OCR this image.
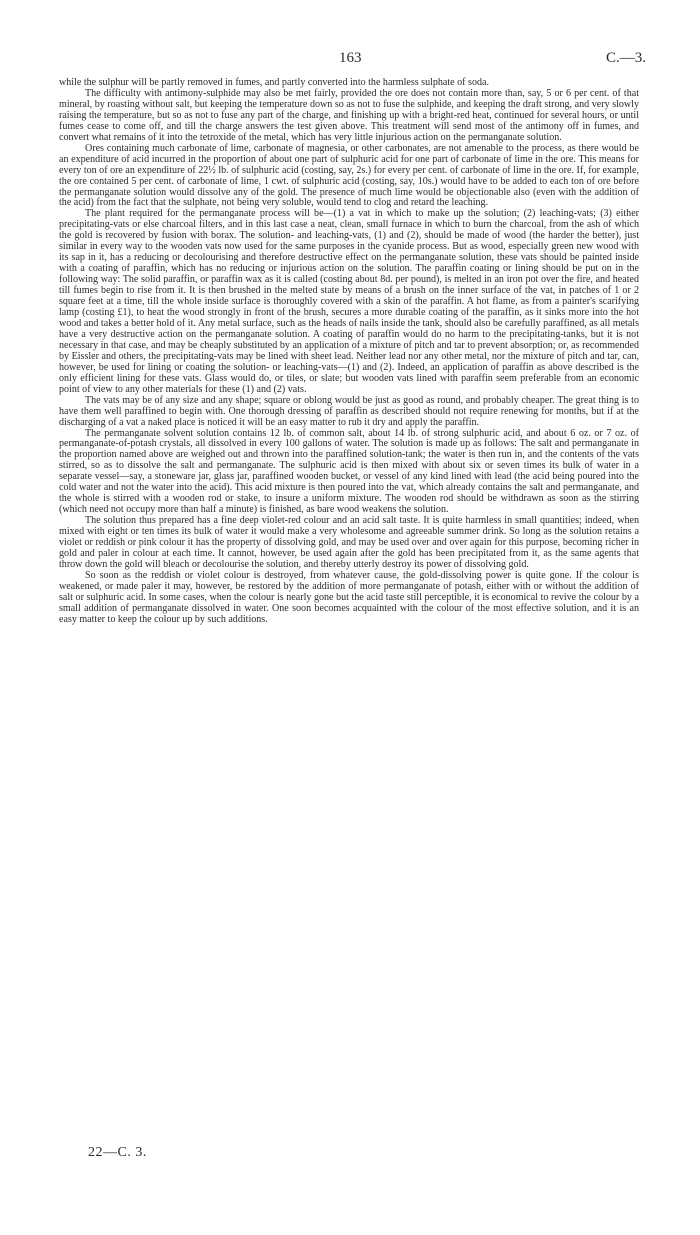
163	C.—3.

while the sulphur will be partly removed in fumes, and partly converted into the harmless sulphate of soda.

The difficulty with antimony-sulphide may also be met fairly, provided the ore does not contain more than, say, 5 or 6 per cent. of that mineral, by roasting without salt, but keeping the temperature down so as not to fuse the sulphide, and keeping the draft strong, and very slowly raising the temperature, but so as not to fuse any part of the charge, and finishing up with a bright-red heat, continued for several hours, or until fumes cease to come off, and till the charge answers the test given above. This treatment will send most of the antimony off in fumes, and convert what remains of it into the tetroxide of the metal, which has very little injurious action on the permanganate solution.

Ores containing much carbonate of lime, carbonate of magnesia, or other carbonates, are not amenable to the process, as there would be an expenditure of acid incurred in the proportion of about one part of sulphuric acid for one part of carbonate of lime in the ore. This means for every ton of ore an expenditure of 22½ lb. of sulphuric acid (costing, say, 2s.) for every per cent. of carbonate of lime in the ore. If, for example, the ore contained 5 per cent. of carbonate of lime, 1 cwt. of sulphuric acid (costing, say, 10s.) would have to be added to each ton of ore before the permanganate solution would dissolve any of the gold. The presence of much lime would be objectionable also (even with the addition of the acid) from the fact that the sulphate, not being very soluble, would tend to clog and retard the leaching.

The plant required for the permanganate process will be—(1) a vat in which to make up the solution; (2) leaching-vats; (3) either precipitating-vats or else charcoal filters, and in this last case a neat, clean, small furnace in which to burn the charcoal, from the ash of which the gold is recovered by fusion with borax. The solution- and leaching-vats, (1) and (2), should be made of wood (the harder the better), just similar in every way to the wooden vats now used for the same purposes in the cyanide process. But as wood, especially green new wood with its sap in it, has a reducing or decolourising and therefore destructive effect on the permanganate solution, these vats should be painted inside with a coating of paraffin, which has no reducing or injurious action on the solution. The paraffin coating or lining should be put on in the following way: The solid paraffin, or paraffin wax as it is called (costing about 8d. per pound), is melted in an iron pot over the fire, and heated till fumes begin to rise from it. It is then brushed in the melted state by means of a brush on the inner surface of the vat, in patches of 1 or 2 square feet at a time, till the whole inside surface is thoroughly covered with a skin of the paraffin. A hot flame, as from a painter's scarifying lamp (costing £1), to heat the wood strongly in front of the brush, secures a more durable coating of the paraffin, as it sinks more into the hot wood and takes a better hold of it. Any metal surface, such as the heads of nails inside the tank, should also be carefully paraffined, as all metals have a very destructive action on the permanganate solution. A coating of paraffin would do no harm to the precipitating-tanks, but it is not necessary in that case, and may be cheaply substituted by an application of a mixture of pitch and tar to prevent absorption; or, as recommended by Eissler and others, the precipitating-vats may be lined with sheet lead. Neither lead nor any other metal, nor the mixture of pitch and tar, can, however, be used for lining or coating the solution- or leaching-vats—(1) and (2). Indeed, an application of paraffin as above described is the only efficient lining for these vats. Glass would do, or tiles, or slate; but wooden vats lined with paraffin seem preferable from an economic point of view to any other materials for these (1) and (2) vats.

The vats may be of any size and any shape; square or oblong would be just as good as round, and probably cheaper. The great thing is to have them well paraffined to begin with. One thorough dressing of paraffin as described should not require renewing for months, but if at the discharging of a vat a naked place is noticed it will be an easy matter to rub it dry and apply the paraffin.

The permanganate solvent solution contains 12 lb. of common salt, about 14 lb. of strong sulphuric acid, and about 6 oz. or 7 oz. of permanganate-of-potash crystals, all dissolved in every 100 gallons of water. The solution is made up as follows: The salt and permanganate in the proportion named above are weighed out and thrown into the paraffined solution-tank; the water is then run in, and the contents of the vats stirred, so as to dissolve the salt and permanganate. The sulphuric acid is then mixed with about six or seven times its bulk of water in a separate vessel—say, a stoneware jar, glass jar, paraffined wooden bucket, or vessel of any kind lined with lead (the acid being poured into the cold water and not the water into the acid). This acid mixture is then poured into the vat, which already contains the salt and permanganate, and the whole is stirred with a wooden rod or stake, to insure a uniform mixture. The wooden rod should be withdrawn as soon as the stirring (which need not occupy more than half a minute) is finished, as bare wood weakens the solution.

The solution thus prepared has a fine deep violet-red colour and an acid salt taste. It is quite harmless in small quantities; indeed, when mixed with eight or ten times its bulk of water it would make a very wholesome and agreeable summer drink. So long as the solution retains a violet or reddish or pink colour it has the property of dissolving gold, and may be used over and over again for this purpose, becoming richer in gold and paler in colour at each time. It cannot, however, be used again after the gold has been precipitated from it, as the same agents that throw down the gold will bleach or decolourise the solution, and thereby utterly destroy its power of dissolving gold.

So soon as the reddish or violet colour is destroyed, from whatever cause, the gold-dissolving power is quite gone. If the colour is weakened, or made paler it may, however, be restored by the addition of more permanganate of potash, either with or without the addition of salt or sulphuric acid. In some cases, when the colour is nearly gone but the acid taste still perceptible, it is economical to revive the colour by a small addition of permanganate dissolved in water. One soon becomes acquainted with the colour of the most effective solution, and it is an easy matter to keep the colour up by such additions.

22—C. 3.
